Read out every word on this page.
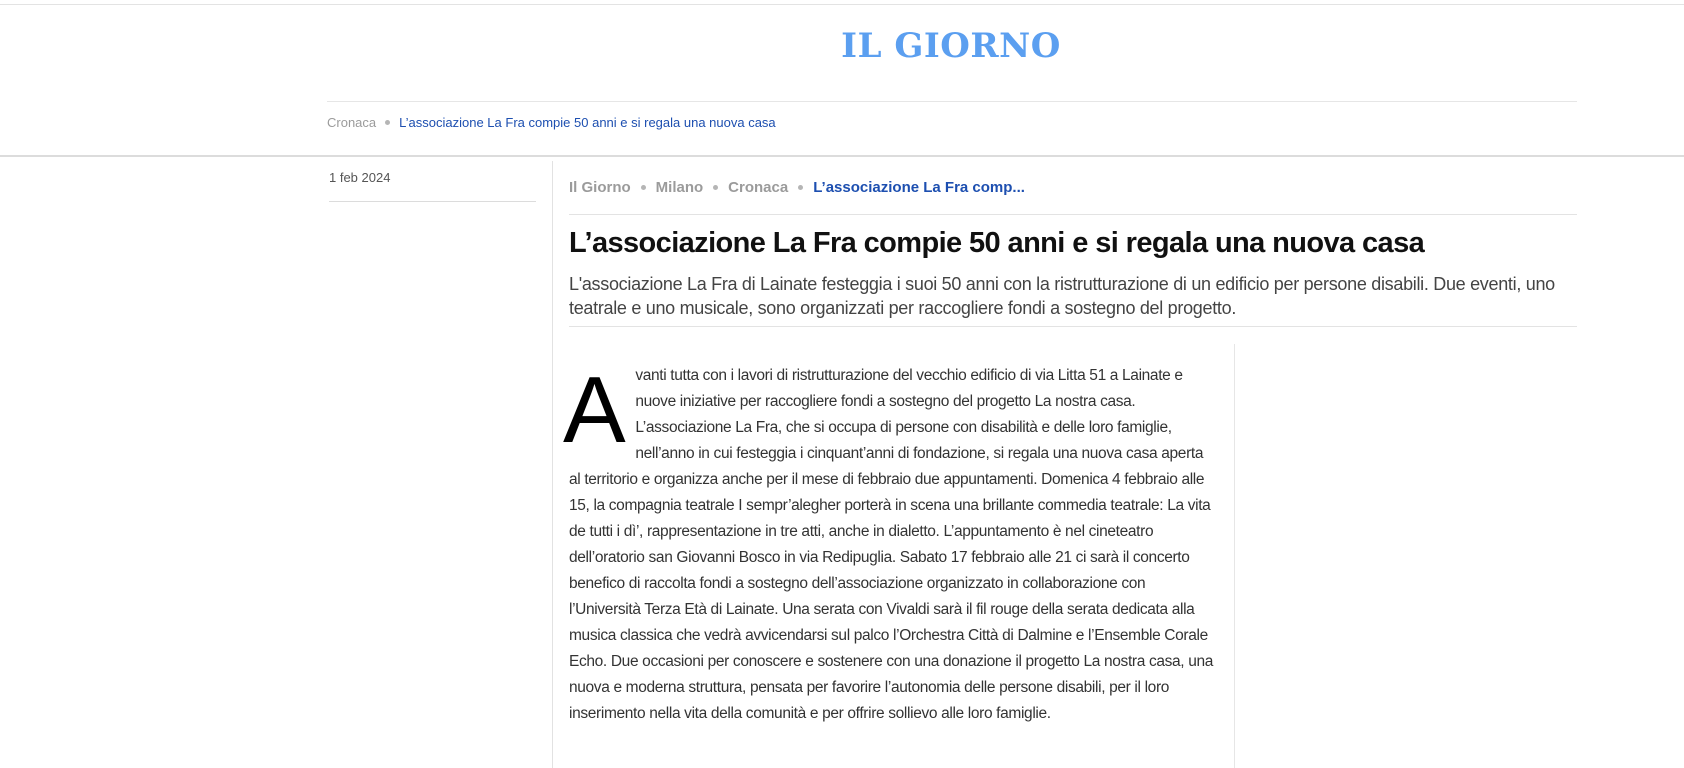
IL GIORNO
Cronaca L’associazione La Fra compie 50 anni e si regala una nuova casa
1 feb 2024
Il Giorno Milano Cronaca L’associazione La Fra comp...
L’associazione La Fra compie 50 anni e si regala una nuova casa

L'associazione La Fra di Lainate festeggia i suoi 50 anni con la ristrutturazione di un edificio per persone disabili. Due eventi, uno teatrale e uno musicale, sono organizzati per raccogliere fondi a sostegno del progetto.

A vanti tutta con i lavori di ristrutturazione del vecchio edificio di via Litta 51 a Lainate e nuove iniziative per raccogliere fondi a sostegno del progetto La nostra casa. L’associazione La Fra, che si occupa di persone con disabilità e delle loro famiglie, nell’anno in cui festeggia i cinquant’anni di fondazione, si regala una nuova casa aperta al territorio e organizza anche per il mese di febbraio due appuntamenti. Domenica 4 febbraio alle 15, la compagnia teatrale I sempr’alegher porterà in scena una brillante commedia teatrale: La vita de tutti i dì’, rappresentazione in tre atti, anche in dialetto. L’appuntamento è nel cineteatro dell’oratorio san Giovanni Bosco in via Redipuglia. Sabato 17 febbraio alle 21 ci sarà il concerto benefico di raccolta fondi a sostegno dell’associazione organizzato in collaborazione con l’Università Terza Età di Lainate. Una serata con Vivaldi sarà il fil rouge della serata dedicata alla musica classica che vedrà avvicendarsi sul palco l’Orchestra Città di Dalmine e l’Ensemble Corale Echo. Due occasioni per conoscere e sostenere con una donazione il progetto La nostra casa, una nuova e moderna struttura, pensata per favorire l’autonomia delle persone disabili, per il loro inserimento nella vita della comunità e per offrire sollievo alle loro famiglie.
